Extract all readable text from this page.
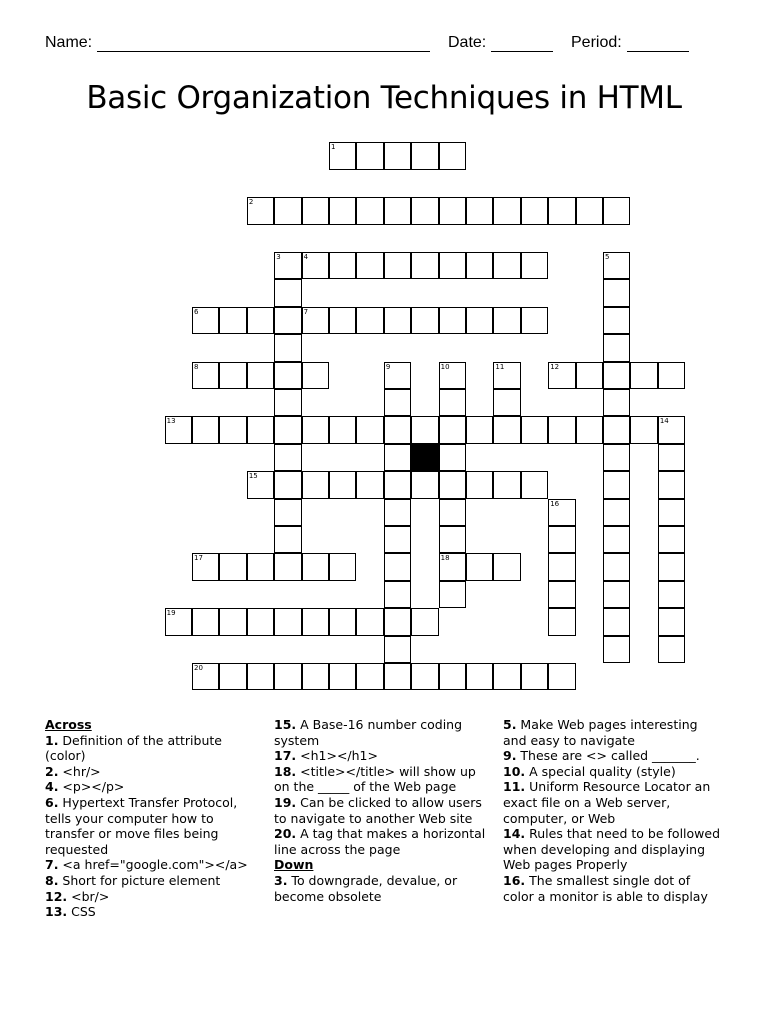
Name:	Date:	Period:
Basic Organization Techniques in HTML
1
2
4
6	7
8	12
13	14
15
17	18
19
20
3	5
9	10	11
16
Across
1. Definition of the attribute (color)
2. <hr/>
4. <p></p>
6. Hypertext Transfer Protocol, tells your computer how to transfer or move files being requested
7. <a href="google.com"></a>
8. Short for picture element
12. <br/>
13. CSS
15. A Base-16 number coding system
17. <h1></h1>
18. <title></title> will show up on the _____ of the Web page
19. Can be clicked to allow users to navigate to another Web site
20. A tag that makes a horizontal line across the page
Down
3. To downgrade, devalue, or become obsolete
5. Make Web pages interesting and easy to navigate
9. These are <> called _______.
10. A special quality (style)
11. Uniform Resource Locator an exact file on a Web server, computer, or Web
14. Rules that need to be followed when developing and displaying Web pages Properly
16. The smallest single dot of color a monitor is able to display
